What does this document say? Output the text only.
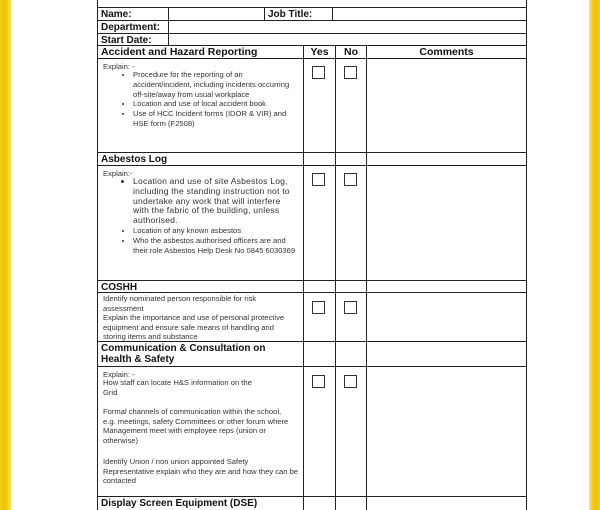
Name:	Job Title:
Department:
Start Date:
Accident and Hazard Reporting	Yes	No	Comments
Explain: -
• Procedure for the reporting of an accident/incident, including incidents occurring off-site/away from usual workplace
• Location and use of local accident book
• Use of HCC Incident forms (IDOR & VIR) and HSE form (F2508)
Asbestos Log
Explain:-
• Location and use of site Asbestos Log, including the standing instruction not to undertake any work that will interfere with the fabric of the building, unless authorised.
• Location of any known asbestos
• Who the asbestos authorised officers are and their role Asbestos Help Desk No 0845 6030369
COSHH
Identify nominated person responsible for risk assessment
Explain the importance and use of personal protective equipment and ensure safe means of handling and storing items and substance
Communication & Consultation on Health & Safety
Explain: -
How staff can locate H&S information on the Grid
Formal channels of communication within the school, e.g. meetings, safety Committees or other forum where Management meet with employee reps (union or otherwise)
Identify Union / non union appointed Safety Representative explain who they are and how they can be contacted
Display Screen Equipment (DSE)
